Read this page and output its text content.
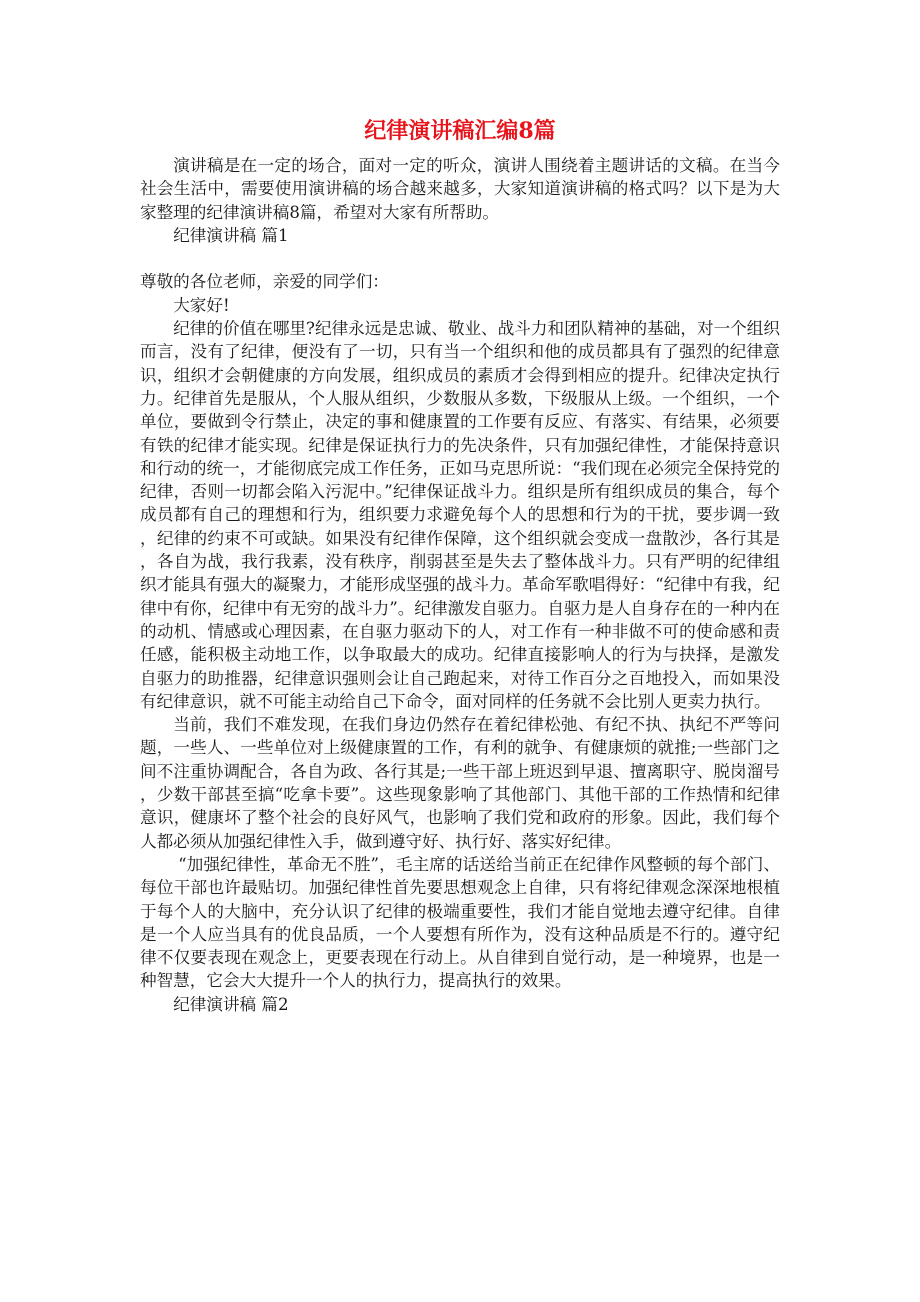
纪律演讲稿汇编8篇

演讲稿是在一定的场合，面对一定的听众，演讲人围绕着主题讲话的文稿。在当今社会生活中，需要使用演讲稿的场合越来越多，大家知道演讲稿的格式吗？以下是为大家整理的纪律演讲稿8篇，希望对大家有所帮助。

纪律演讲稿 篇1

尊敬的各位老师，亲爱的同学们：

大家好!

纪律的价值在哪里?纪律永远是忠诚、敬业、战斗力和团队精神的基础，对一个组织而言，没有了纪律，便没有了一切，只有当一个组织和他的成员都具有了强烈的纪律意识，组织才会朝健康的方向发展，组织成员的素质才会得到相应的提升。纪律决定执行力。纪律首先是服从，个人服从组织，少数服从多数，下级服从上级。一个组织，一个单位，要做到令行禁止，决定的事和健康置的工作要有反应、有落实、有结果，必须要有铁的纪律才能实现。纪律是保证执行力的先决条件，只有加强纪律性，才能保持意识和行动的统一，才能彻底完成工作任务，正如马克思所说：“我们现在必须完全保持党的纪律，否则一切都会陷入污泥中。”纪律保证战斗力。组织是所有组织成员的集合，每个成员都有自己的理想和行为，组织要力求避免每个人的思想和行为的干扰，要步调一致，纪律的约束不可或缺。如果没有纪律作保障，这个组织就会变成一盘散沙，各行其是，各自为战，我行我素，没有秩序，削弱甚至是失去了整体战斗力。只有严明的纪律组织才能具有强大的凝聚力，才能形成坚强的战斗力。革命军歌唱得好：“纪律中有我，纪律中有你，纪律中有无穷的战斗力”。纪律激发自驱力。自驱力是人自身存在的一种内在的动机、情感或心理因素，在自驱力驱动下的人，对工作有一种非做不可的使命感和责任感，能积极主动地工作，以争取最大的成功。纪律直接影响人的行为与抉择，是激发自驱力的助推器，纪律意识强则会让自己跑起来，对待工作百分之百地投入，而如果没有纪律意识，就不可能主动给自己下命令，面对同样的任务就不会比别人更卖力执行。

当前，我们不难发现，在我们身边仍然存在着纪律松弛、有纪不执、执纪不严等问题，一些人、一些单位对上级健康置的工作，有利的就争、有健康烦的就推;一些部门之间不注重协调配合，各自为政、各行其是;一些干部上班迟到早退、擅离职守、脱岗溜号，少数干部甚至搞“吃拿卡要”。这些现象影响了其他部门、其他干部的工作热情和纪律意识，健康坏了整个社会的良好风气，也影响了我们党和政府的形象。因此，我们每个人都必须从加强纪律性入手，做到遵守好、执行好、落实好纪律。

“加强纪律性，革命无不胜”，毛主席的话送给当前正在纪律作风整顿的每个部门、每位干部也许最贴切。加强纪律性首先要思想观念上自律，只有将纪律观念深深地根植于每个人的大脑中，充分认识了纪律的极端重要性，我们才能自觉地去遵守纪律。自律是一个人应当具有的优良品质，一个人要想有所作为，没有这种品质是不行的。遵守纪律不仅要表现在观念上，更要表现在行动上。从自律到自觉行动，是一种境界，也是一种智慧，它会大大提升一个人的执行力，提高执行的效果。

纪律演讲稿 篇2
